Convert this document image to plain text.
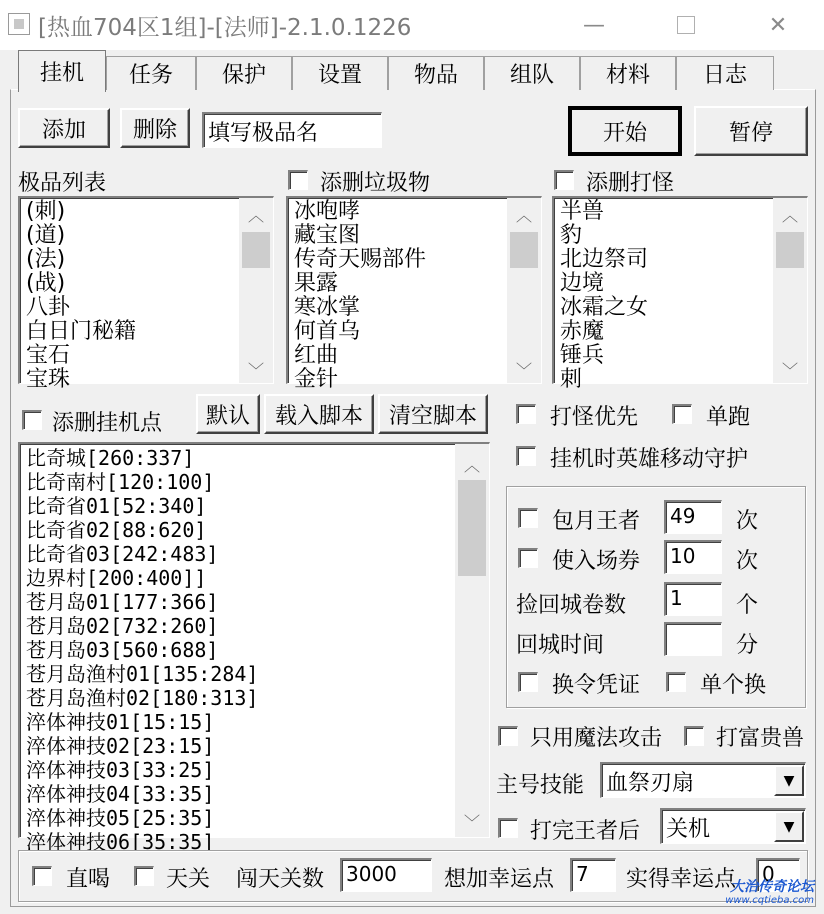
[热血704区1组]-[法师]-2.1.0.1226	—	✕
挂机	任务	保护	设置	物品	组队	材料	日志
添加	删除	填写极品名	开始	暂停
极品列表	添删垃圾物	添删打怪
(刺)
(道)
(法)
(战)
八卦
白日门秘籍
宝石
宝珠
︿
﹀
冰咆哮
藏宝图
传奇天赐部件
果露
寒冰掌
何首乌
红曲
金针
︿
﹀
半兽
豹
北边祭司
边境
冰霜之女
赤魔
锤兵
刺
︿
﹀
添删挂机点	默认	载入脚本	清空脚本
比奇城[260:337]
比奇南村[120:100]
比奇省01[52:340]
比奇省02[88:620]
比奇省03[242:483]
边界村[200:400]]
苍月岛01[177:366]
苍月岛02[732:260]
苍月岛03[560:688]
苍月岛渔村01[135:284]
苍月岛渔村02[180:313]
淬体神技01[15:15]
淬体神技02[23:15]
淬体神技03[33:25]
淬体神技04[33:35]
淬体神技05[25:35]
淬体神技06[35:35]
︿
﹀
打怪优先	单跑
挂机时英雄移动守护
包月王者	49	次
使入场券	10	次
捡回城卷数	1	个
回城时间	分
换令凭证	单个换
只用魔法攻击 打富贵兽
主号技能 血祭刃扇	▼
打完王者后 关机	▼
直喝	天关 闯天关数	3000	想加幸运点	7	实得幸运点	0
大治传奇论坛
www.cqtieba.com
